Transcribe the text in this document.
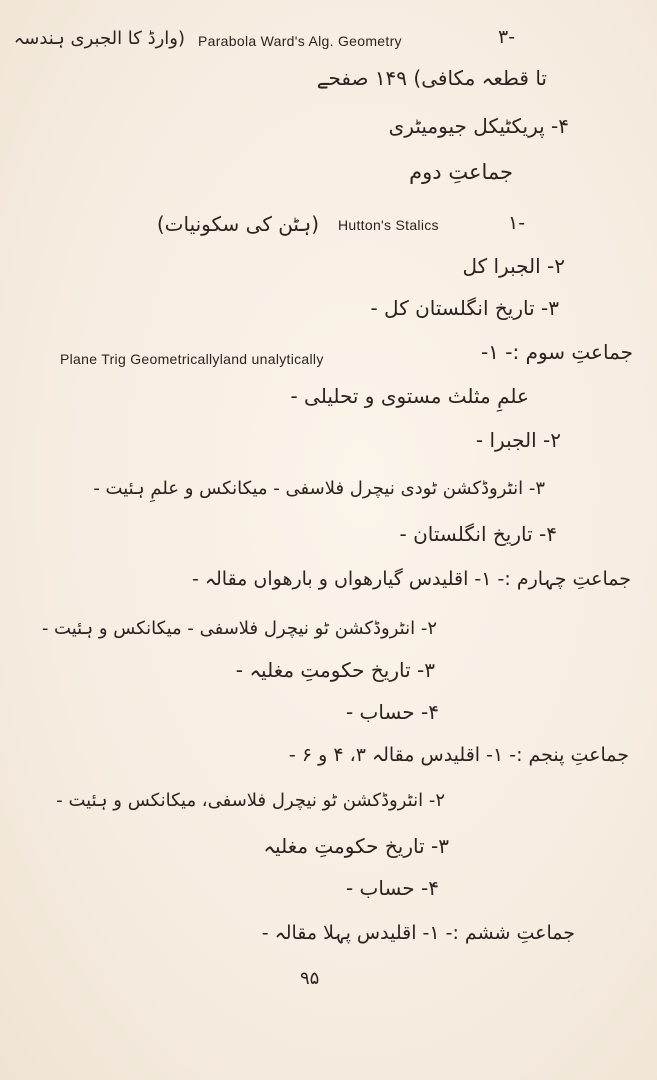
-۳
Parabola Ward's Alg. Geometry
(وارڈ کا الجبری ہندسہ
تا قطعہ مکافی) ۱۴۹ صفحے
۴- پریکٹیکل جیومیٹری
جماعتِ دوم
-۱
Hutton's Stalics
(ہٹن کی سکونیات)
۲- الجبرا کل
۳- تاریخ انگلستان کل -
جماعتِ سوم :- ۱-
Plane Trig Geometricallyland unalytically
علمِ مثلث مستوی و تحلیلی -
۲- الجبرا -
۳- انٹروڈکشن ٹودی نیچرل فلاسفی - میکانکس و علمِ ہئیت -
۴- تاریخ انگلستان -
جماعتِ چہارم :- ۱- اقلیدس گیارھواں و بارھواں مقالہ -
۲- انٹروڈکشن ٹو نیچرل فلاسفی - میکانکس و ہئیت -
۳- تاریخ حکومتِ مغلیہ -
۴- حساب -
جماعتِ پنجم :- ۱- اقلیدس مقالہ ۳، ۴ و ۶ -
۲- انٹروڈکشن ٹو نیچرل فلاسفی، میکانکس و ہئیت -
۳- تاریخ حکومتِ مغلیہ
۴- حساب -
جماعتِ ششم :- ۱- اقلیدس پہلا مقالہ -
۹۵
